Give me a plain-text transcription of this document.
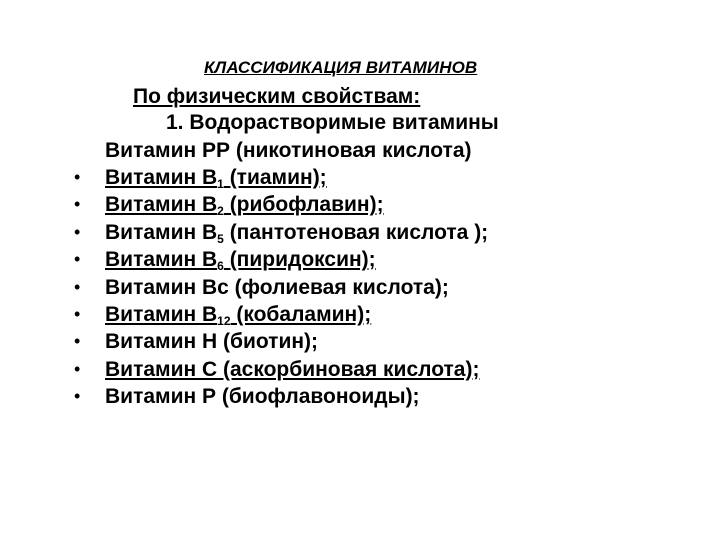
КЛАССИФИКАЦИЯ ВИТАМИНОВ
По физическим свойствам:
1. Водорастворимые витамины
Витамин РР (никотиновая кислота)
• Витамин $В_1$ (тиамин);
• Витамин $В_2$ (рибофлавин);
• Витамин $В_5$ (пантотеновая кислота );
• Витамин $В_6$ (пиридоксин);
• Витамин Вс (фолиевая кислота);
• Витамин $В_{12}$ (кобаламин);
• Витамин Н (биотин);
• Витамин С (аскорбиновая кислота);
• Витамин Р (биофлавоноиды);
